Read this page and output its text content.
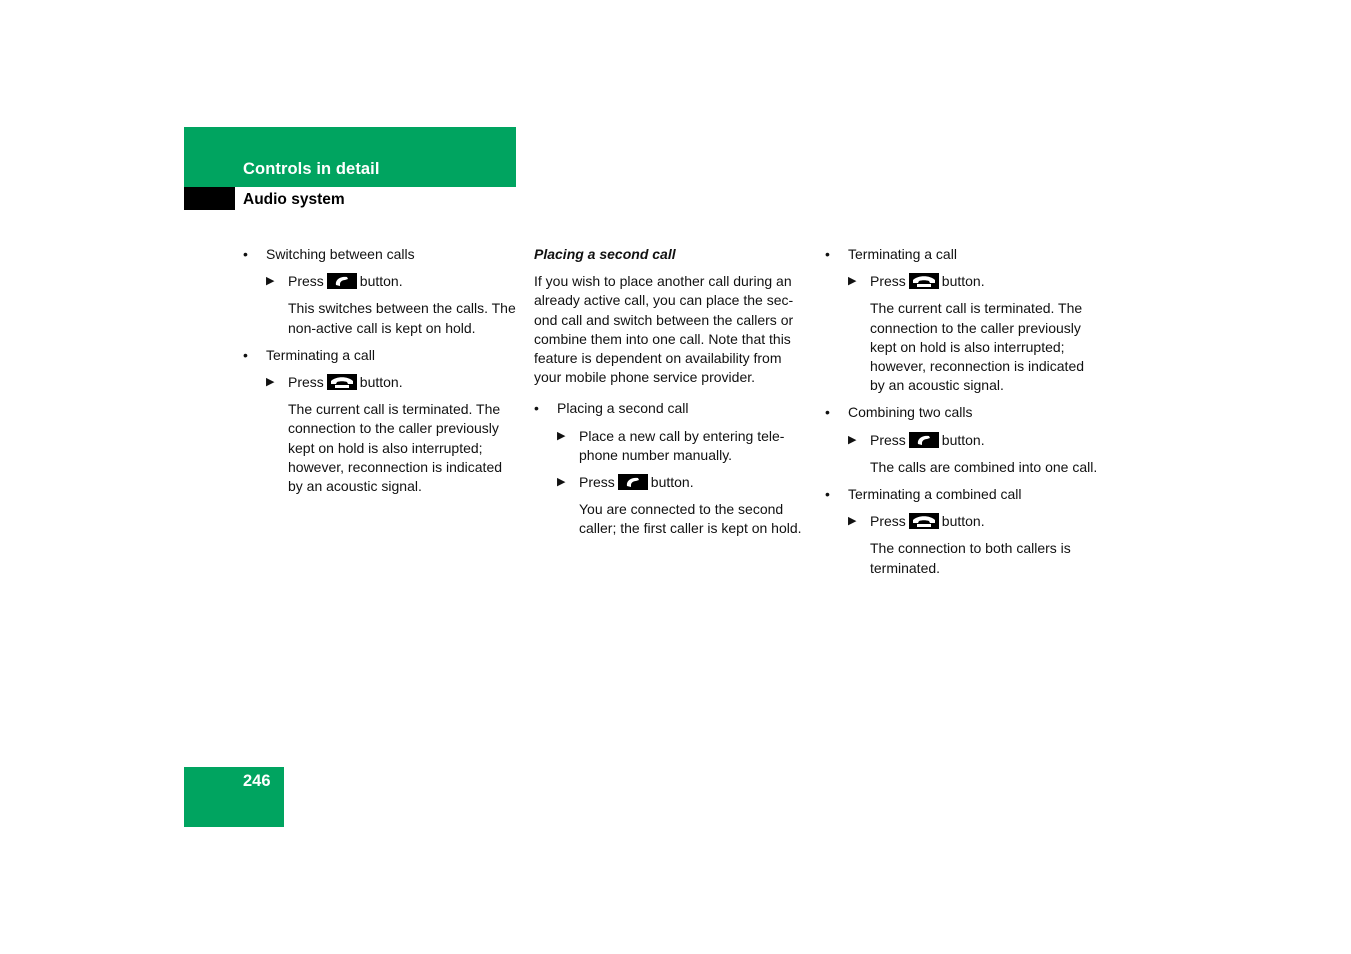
Controls in detail
Audio system
• Switching between calls
▶ Press	button.
This switches between the calls. The non-active call is kept on hold.
• Terminating a call
▶ Press	button.
The current call is terminated. The connection to the caller previously kept on hold is also interrupted; however, reconnection is indicated by an acoustic signal.
Placing a second call
If you wish to place another call during an already active call, you can place the sec-ond call and switch between the callers or combine them into one call. Note that this feature is dependent on availability from your mobile phone service provider.
• Placing a second call
▶ Place a new call by entering tele-phone number manually.
▶ Press	button.
You are connected to the second caller; the first caller is kept on hold.
• Terminating a call
▶ Press	button.
The current call is terminated. The connection to the caller previously kept on hold is also interrupted; however, reconnection is indicated by an acoustic signal.
• Combining two calls
▶ Press	button.
The calls are combined into one call.
• Terminating a combined call
▶ Press	button.
The connection to both callers is terminated.
246
